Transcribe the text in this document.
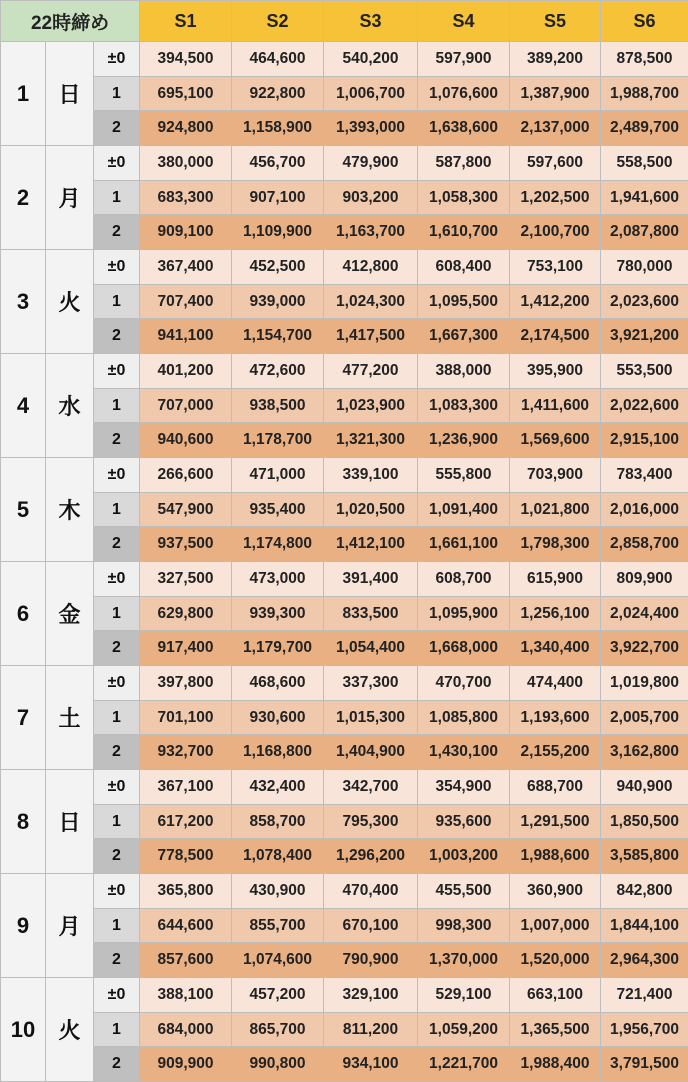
22時締め			S1	S2	S3	S4	S5	S6
1	日	±0	394,500	464,600	540,200	597,900	389,200	878,500
		1	695,100	922,800	1,006,700	1,076,600	1,387,900	1,988,700
		2	924,800	1,158,900	1,393,000	1,638,600	2,137,000	2,489,700
2	月	±0	380,000	456,700	479,900	587,800	597,600	558,500
		1	683,300	907,100	903,200	1,058,300	1,202,500	1,941,600
		2	909,100	1,109,900	1,163,700	1,610,700	2,100,700	2,087,800
3	火	±0	367,400	452,500	412,800	608,400	753,100	780,000
		1	707,400	939,000	1,024,300	1,095,500	1,412,200	2,023,600
		2	941,100	1,154,700	1,417,500	1,667,300	2,174,500	3,921,200
4	水	±0	401,200	472,600	477,200	388,000	395,900	553,500
		1	707,000	938,500	1,023,900	1,083,300	1,411,600	2,022,600
		2	940,600	1,178,700	1,321,300	1,236,900	1,569,600	2,915,100
5	木	±0	266,600	471,000	339,100	555,800	703,900	783,400
		1	547,900	935,400	1,020,500	1,091,400	1,021,800	2,016,000
		2	937,500	1,174,800	1,412,100	1,661,100	1,798,300	2,858,700
6	金	±0	327,500	473,000	391,400	608,700	615,900	809,900
		1	629,800	939,300	833,500	1,095,900	1,256,100	2,024,400
		2	917,400	1,179,700	1,054,400	1,668,000	1,340,400	3,922,700
7	土	±0	397,800	468,600	337,300	470,700	474,400	1,019,800
		1	701,100	930,600	1,015,300	1,085,800	1,193,600	2,005,700
		2	932,700	1,168,800	1,404,900	1,430,100	2,155,200	3,162,800
8	日	±0	367,100	432,400	342,700	354,900	688,700	940,900
		1	617,200	858,700	795,300	935,600	1,291,500	1,850,500
		2	778,500	1,078,400	1,296,200	1,003,200	1,988,600	3,585,800
9	月	±0	365,800	430,900	470,400	455,500	360,900	842,800
		1	644,600	855,700	670,100	998,300	1,007,000	1,844,100
		2	857,600	1,074,600	790,900	1,370,000	1,520,000	2,964,300
10	火	±0	388,100	457,200	329,100	529,100	663,100	721,400
		1	684,000	865,700	811,200	1,059,200	1,365,500	1,956,700
		2	909,900	990,800	934,100	1,221,700	1,988,400	3,791,500
